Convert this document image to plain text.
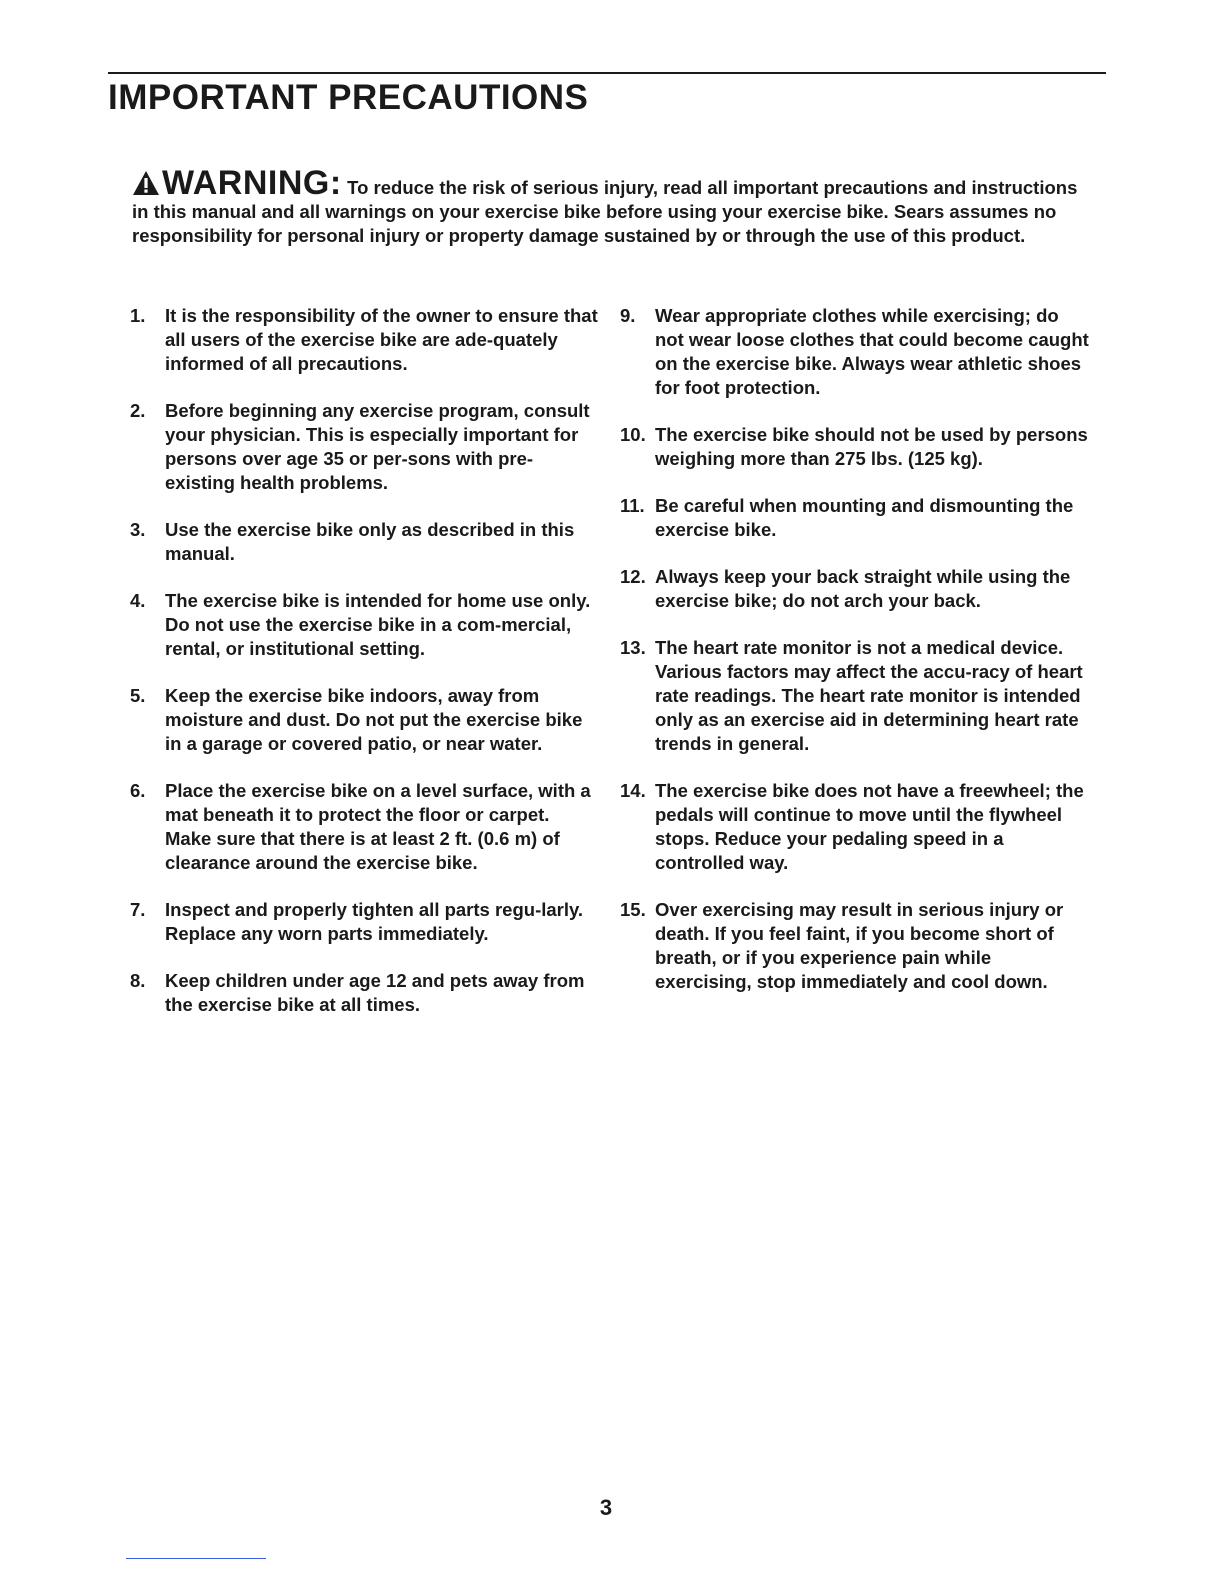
IMPORTANT PRECAUTIONS
WARNING: To reduce the risk of serious injury, read all important precautions and instructions in this manual and all warnings on your exercise bike before using your exercise bike. Sears assumes no responsibility for personal injury or property damage sustained by or through the use of this product.
1. It is the responsibility of the owner to ensure that all users of the exercise bike are ade-quately informed of all precautions.
2. Before beginning any exercise program, consult your physician. This is especially important for persons over age 35 or per-sons with pre-existing health problems.
3. Use the exercise bike only as described in this manual.
4. The exercise bike is intended for home use only. Do not use the exercise bike in a com-mercial, rental, or institutional setting.
5. Keep the exercise bike indoors, away from moisture and dust. Do not put the exercise bike in a garage or covered patio, or near water.
6. Place the exercise bike on a level surface, with a mat beneath it to protect the floor or carpet. Make sure that there is at least 2 ft. (0.6 m) of clearance around the exercise bike.
7. Inspect and properly tighten all parts regu-larly. Replace any worn parts immediately.
8. Keep children under age 12 and pets away from the exercise bike at all times.
9. Wear appropriate clothes while exercising; do not wear loose clothes that could become caught on the exercise bike. Always wear athletic shoes for foot protection.
10. The exercise bike should not be used by persons weighing more than 275 lbs. (125 kg).
11. Be careful when mounting and dismounting the exercise bike.
12. Always keep your back straight while using the exercise bike; do not arch your back.
13. The heart rate monitor is not a medical device. Various factors may affect the accu-racy of heart rate readings. The heart rate monitor is intended only as an exercise aid in determining heart rate trends in general.
14. The exercise bike does not have a freewheel; the pedals will continue to move until the flywheel stops. Reduce your pedaling speed in a controlled way.
15. Over exercising may result in serious injury or death. If you feel faint, if you become short of breath, or if you experience pain while exercising, stop immediately and cool down.
3
